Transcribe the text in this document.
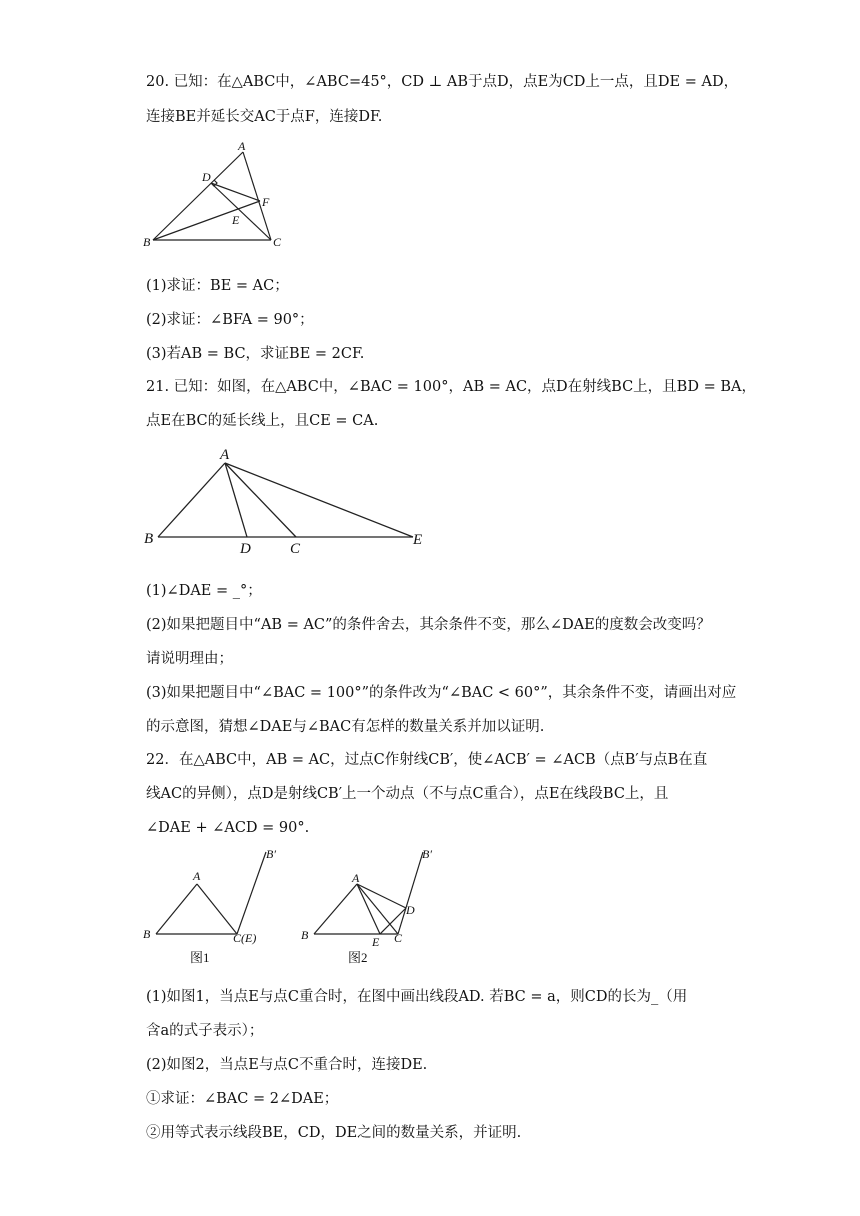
20. 已知：在△ABC中，∠ABC=45°，CD ⊥ AB于点D，点E为CD上一点，且DE = AD，
连接BE并延长交AC于点F，连接DF.
A
D
F
E
B	C
(1)求证：BE = AC；
(2)求证：∠BFA = 90°；
(3)若AB = BC，求证BE = 2CF.
21. 已知：如图，在△ABC中，∠BAC = 100°，AB = AC，点D在射线BC上，且BD = BA，
点E在BC的延长线上，且CE = CA.
A
B
D	C
E
(1)∠DAE = _°；
(2)如果把题目中“AB = AC”的条件舍去，其余条件不变，那么∠DAE的度数会改变吗？
请说明理由；
(3)如果把题目中“∠BAC = 100°”的条件改为“∠BAC < 60°”，其余条件不变，请画出对应
的示意图，猜想∠DAE与∠BAC有怎样的数量关系并加以证明.
22．在△ABC中，AB = AC，过点C作射线CB′，使∠ACB′ = ∠ACB（点B′与点B在直
线AC的异侧），点D是射线CB′上一个动点（不与点C重合），点E在线段BC上，且
∠DAE + ∠ACD = 90°.
A
B	C(E)
B′
图1
A
B	E C
D
B′
图2
(1)如图1，当点E与点C重合时，在图中画出线段AD. 若BC = a，则CD的长为_（用
含a的式子表示）；
(2)如图2，当点E与点C不重合时，连接DE.
①求证：∠BAC = 2∠DAE；
②用等式表示线段BE，CD，DE之间的数量关系，并证明.
